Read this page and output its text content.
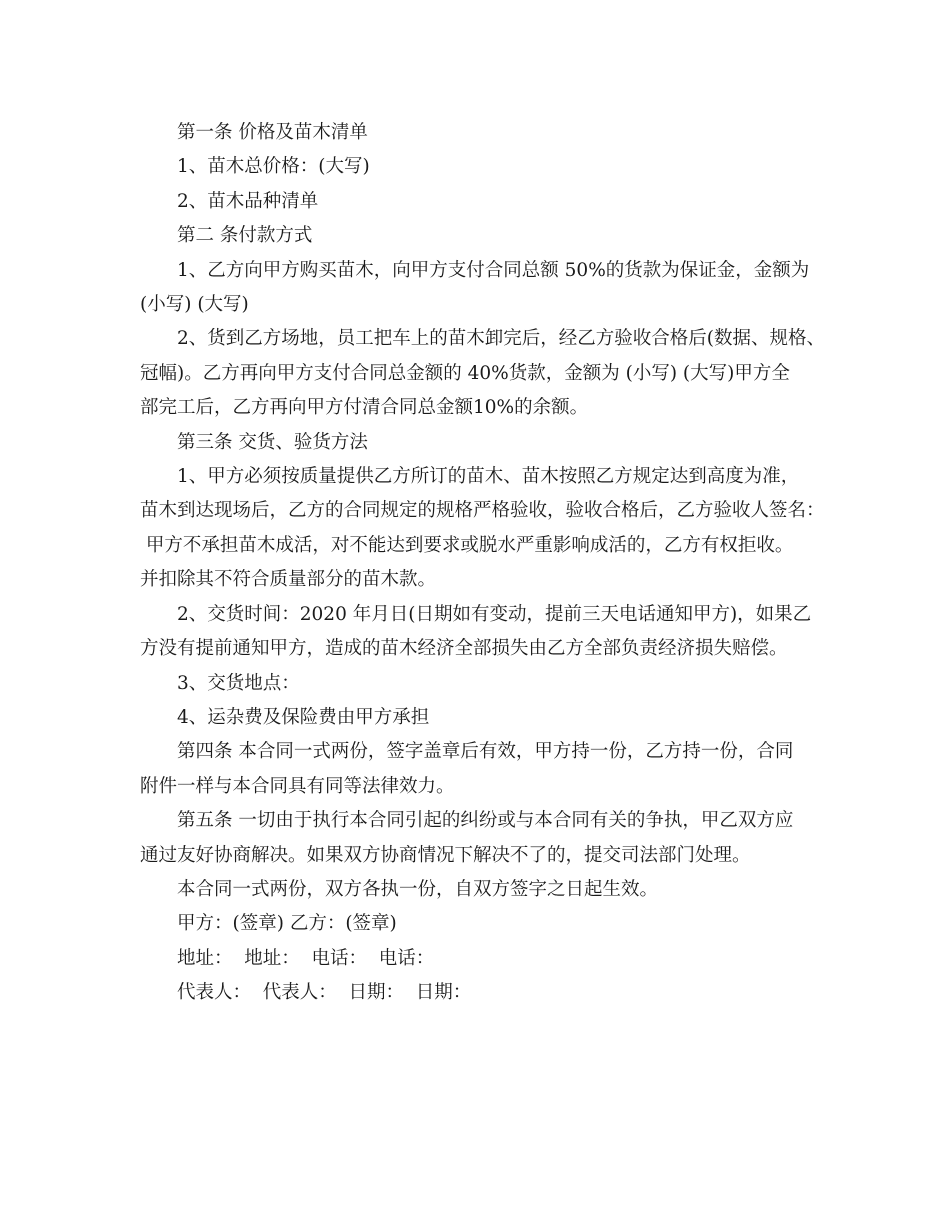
第一条 价格及苗木清单

1、苗木总价格：(大写)

2、苗木品种清单

第二 条付款方式

1、乙方向甲方购买苗木，向甲方支付合同总额 50%的货款为保证金，金额为
(小写) (大写)

2、货到乙方场地，员工把车上的苗木卸完后，经乙方验收合格后(数据、规格、
冠幅)。乙方再向甲方支付合同总金额的 40%货款，金额为 (小写) (大写)甲方全
部完工后，乙方再向甲方付清合同总金额10%的余额。

第三条 交货、验货方法

1、甲方必须按质量提供乙方所订的苗木、苗木按照乙方规定达到高度为准，
苗木到达现场后，乙方的合同规定的规格严格验收，验收合格后，乙方验收人签名：
甲方不承担苗木成活，对不能达到要求或脱水严重影响成活的，乙方有权拒收。
并扣除其不符合质量部分的苗木款。

2、交货时间：2020 年月日(日期如有变动，提前三天电话通知甲方)，如果乙
方没有提前通知甲方，造成的苗木经济全部损失由乙方全部负责经济损失赔偿。

3、交货地点：

4、运杂费及保险费由甲方承担

第四条 本合同一式两份，签字盖章后有效，甲方持一份，乙方持一份，合同
附件一样与本合同具有同等法律效力。

第五条 一切由于执行本合同引起的纠纷或与本合同有关的争执，甲乙双方应
通过友好协商解决。如果双方协商情况下解决不了的，提交司法部门处理。

本合同一式两份，双方各执一份，自双方签字之日起生效。

甲方：(签章) 乙方：(签章)

地址：  地址：  电话：  电话：

代表人：  代表人：  日期：  日期：
